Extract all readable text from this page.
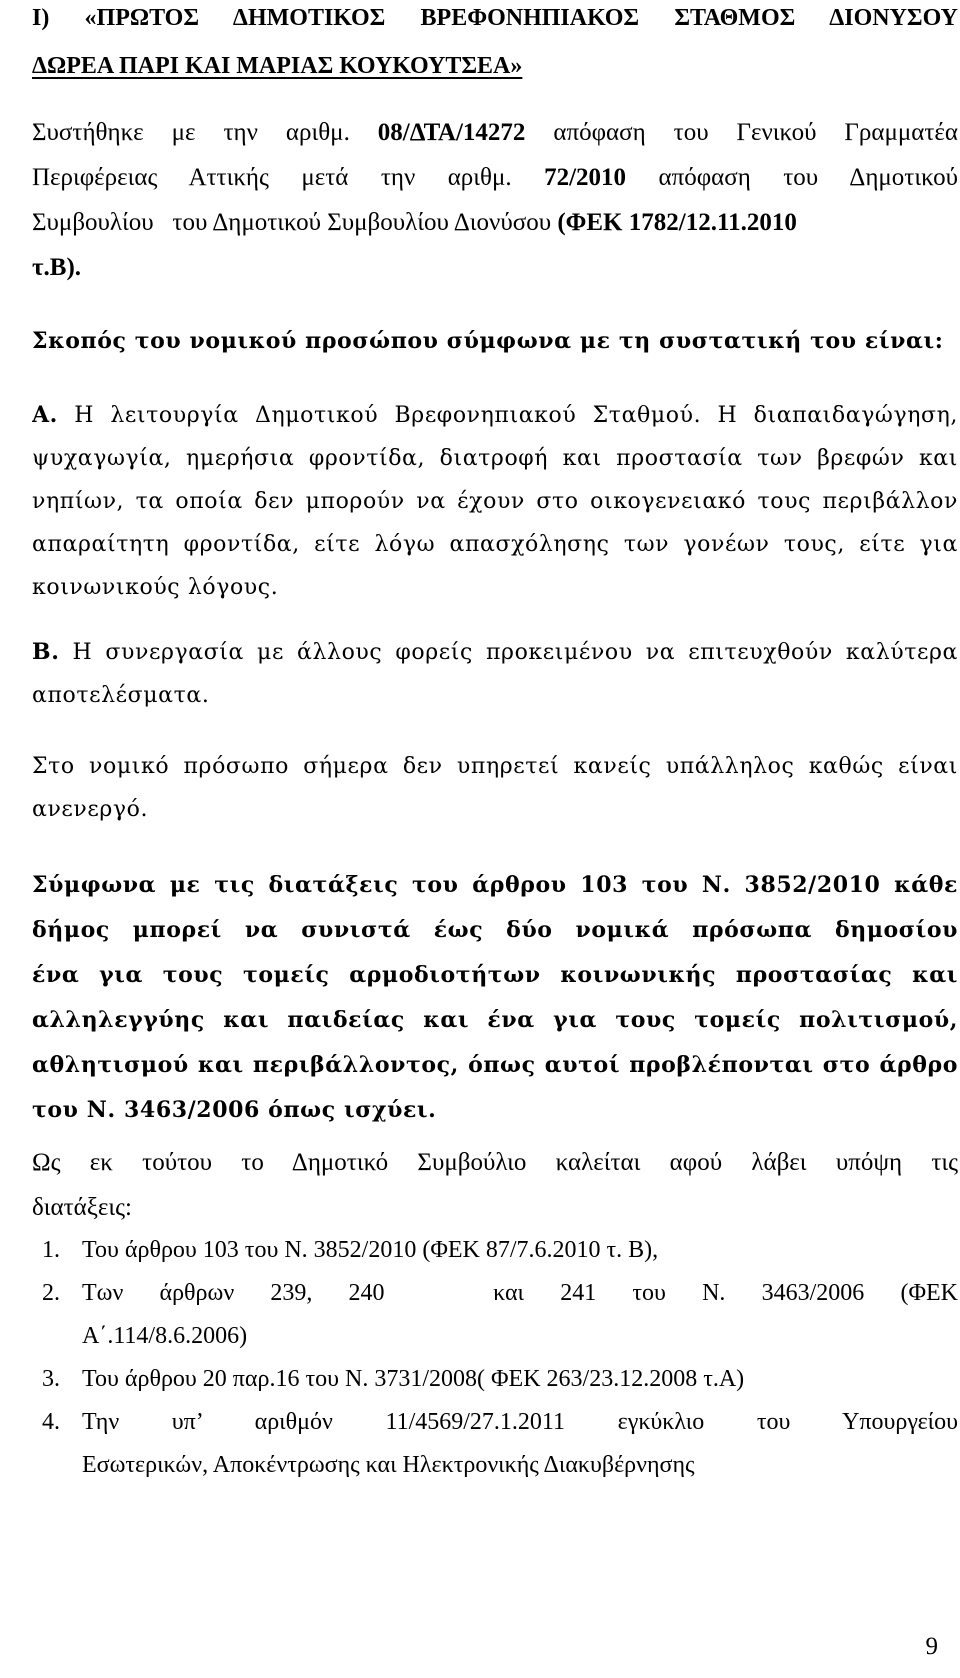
Ι) «ΠΡΩΤΟΣ ΔΗΜΟΤΙΚΟΣ ΒΡΕΦΟΝΗΠΙΑΚΟΣ ΣΤΑΘΜΟΣ ΔΙΟΝΥΣΟΥ
ΔΩΡΕΑ ΠΑΡΙ ΚΑΙ ΜΑΡΙΑΣ ΚΟΥΚΟΥΤΣΕΑ»
Συστήθηκε με την αριθμ. 08/ΔΤΑ/14272 απόφαση του Γενικού Γραμματέα
Περιφέρειας Αττικής μετά την αριθμ. 72/2010 απόφαση του Δημοτικού
Συμβουλίου   του Δημοτικού Συμβουλίου Διονύσου (ΦΕΚ 1782/12.11.2010
τ.Β).
Σκοπός του νομικού προσώπου σύμφωνα με τη συστατική του είναι:
Α. Η λειτουργία Δημοτικού Βρεφονηπιακού Σταθμού. Η διαπαιδαγώγηση,
ψυχαγωγία, ημερήσια φροντίδα, διατροφή και προστασία των βρεφών και
νηπίων, τα οποία δεν μπορούν να έχουν στο οικογενειακό τους περιβάλλον
απαραίτητη φροντίδα, είτε λόγω απασχόλησης των γονέων τους, είτε για
κοινωνικούς λόγους.
Β. Η συνεργασία με άλλους φορείς προκειμένου να επιτευχθούν καλύτερα
αποτελέσματα.
Στο νομικό πρόσωπο σήμερα δεν υπηρετεί κανείς υπάλληλος καθώς είναι
ανενεργό.
Σύμφωνα με τις διατάξεις του άρθρου 103 του Ν. 3852/2010 κάθε
δήμος μπορεί να συνιστά έως δύο νομικά πρόσωπα δημοσίου
ένα για τους τομείς αρμοδιοτήτων κοινωνικής προστασίας και
αλληλεγγύης και παιδείας και ένα για τους τομείς πολιτισμού,
αθλητισμού και περιβάλλοντος, όπως αυτοί προβλέπονται στο άρθρο
του Ν. 3463/2006 όπως ισχύει.
Ως εκ τούτου το Δημοτικό Συμβούλιο καλείται αφού λάβει υπόψη τις
διατάξεις:
1. Του άρθρου 103 του Ν. 3852/2010 (ΦΕΚ 87/7.6.2010 τ. Β),
2. Των άρθρων 239, 240   και 241 του Ν. 3463/2006 (ΦΕΚ
Α΄.114/8.6.2006)
3. Του άρθρου 20 παρ.16 του Ν. 3731/2008( ΦΕΚ 263/23.12.2008 τ.Α)
4. Την υπ’ αριθμόν 11/4569/27.1.2011 εγκύκλιο του Υπουργείου
Εσωτερικών, Αποκέντρωσης και Ηλεκτρονικής Διακυβέρνησης
9
